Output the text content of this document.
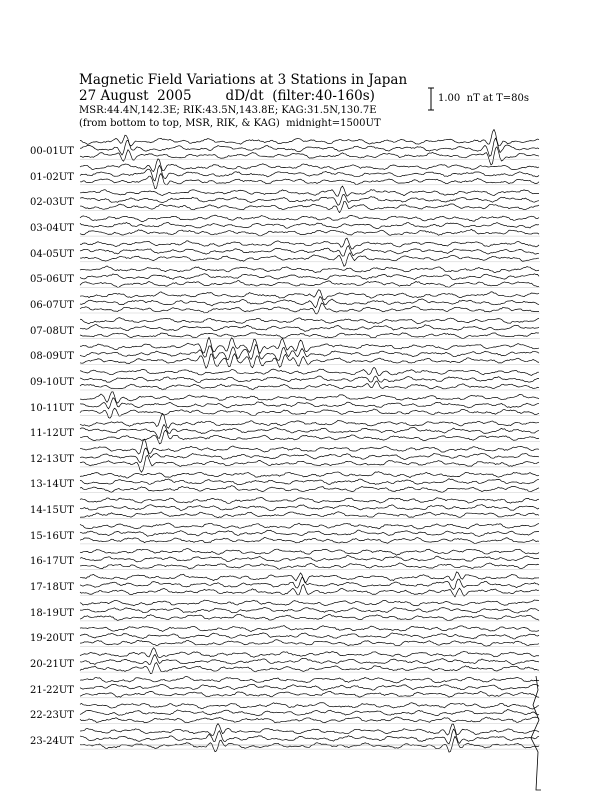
Magnetic Field Variations at 3 Stations in Japan
27 August  2005	dD/dt  (filter:40-160s)
MSR:44.4N,142.3E; RIK:43.5N,143.8E; KAG:31.5N,130.7E
(from bottom to top, MSR, RIK, & KAG) midnight=1500UT
1.00  nT at T=80s
00-01UT
01-02UT
02-03UT
03-04UT
04-05UT
05-06UT
06-07UT
07-08UT
08-09UT
09-10UT
10-11UT
11-12UT
12-13UT
13-14UT
14-15UT
15-16UT
16-17UT
17-18UT
18-19UT
19-20UT
20-21UT
21-22UT
22-23UT
23-24UT
